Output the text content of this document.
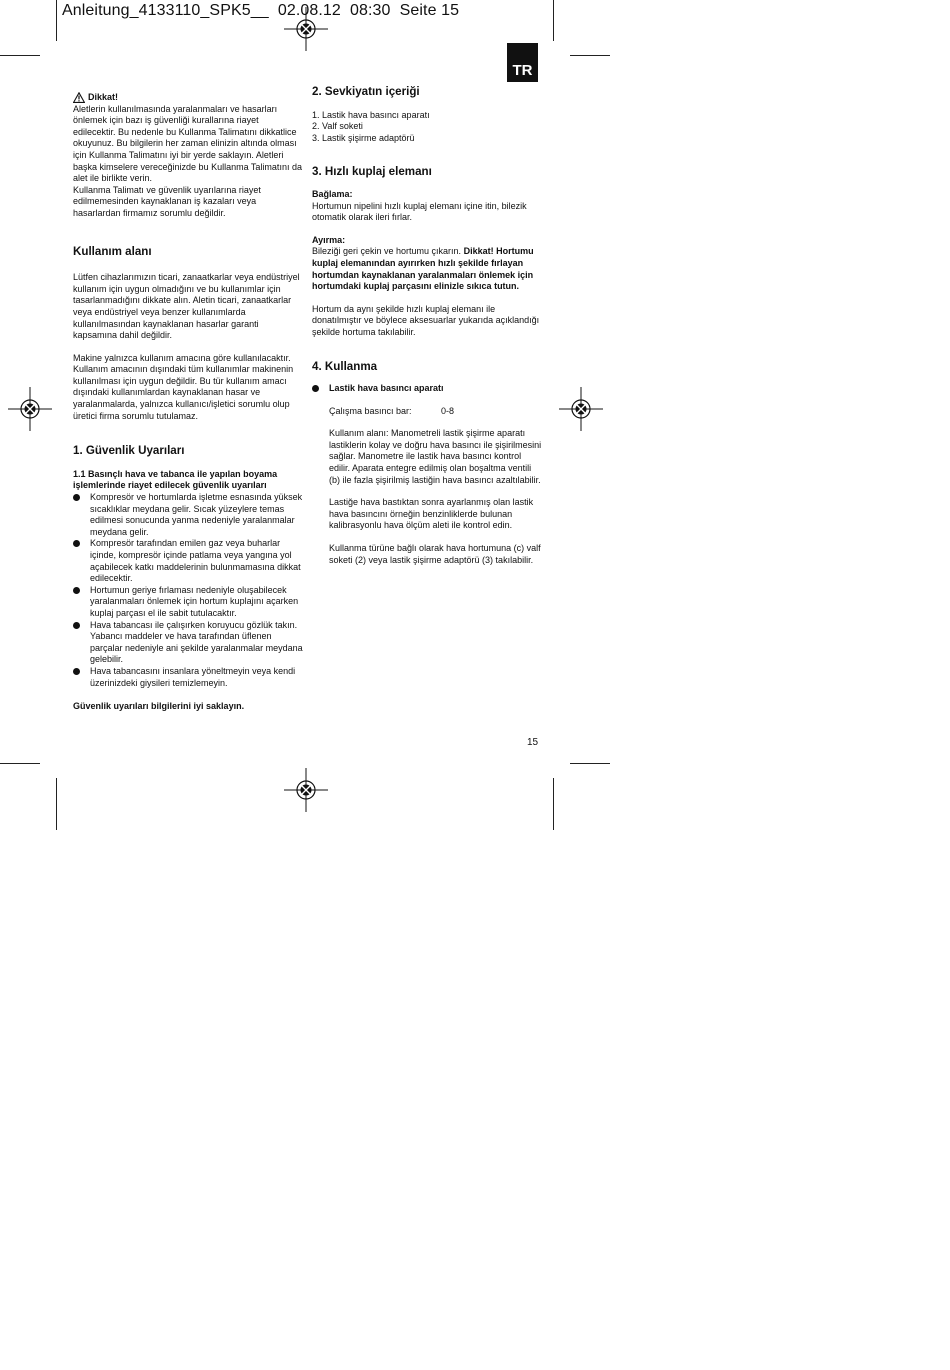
Anleitung_4133110_SPK5__  02.08.12  08:30  Seite 15
TR
Dikkat!

Aletlerin kullanılmasında yaralanmaları ve hasarları önlemek için bazı iş güvenliği kurallarına riayet edilecektir. Bu nedenle bu Kullanma Talimatını dikkatlice okuyunuz. Bu bilgilerin her zaman elinizin altında olması için Kullanma Talimatını iyi bir yerde saklayın. Aletleri başka kimselere vereceğinizde bu Kullanma Talimatını da alet ile birlikte verin.

Kullanma Talimatı ve güvenlik uyarılarına riayet edilmemesinden kaynaklanan iş kazaları veya hasarlardan firmamız sorumlu değildir.

Kullanım alanı

Lütfen cihazlarımızın ticari, zanaatkarlar veya endüstriyel kullanım için uygun olmadığını ve bu kullanımlar için tasarlanmadığını dikkate alın. Aletin ticari, zanaatkarlar veya endüstriyel veya benzer kullanımlarda kullanılmasından kaynaklanan hasarlar garanti kapsamına dahil değildir.

Makine yalnızca kullanım amacına göre kullanılacaktır. Kullanım amacının dışındaki tüm kullanımlar makinenin kullanılması için uygun değildir. Bu tür kullanım amacı dışındaki kullanımlardan kaynaklanan hasar ve yaralanmalarda, yalnızca kullanıcı/işletici sorumlu olup üretici firma sorumlu tutulamaz.

1. Güvenlik Uyarıları

1.1 Basınçlı hava ve tabanca ile yapılan boyama işlemlerinde riayet edilecek güvenlik uyarıları

Kompresör ve hortumlarda işletme esnasında yüksek sıcaklıklar meydana gelir. Sıcak yüzeylere temas edilmesi sonucunda yanma nedeniyle yaralanmalar meydana gelir.
Kompresör tarafından emilen gaz veya buharlar içinde, kompresör içinde patlama veya yangına yol açabilecek katkı maddelerinin bulunmamasına dikkat edilecektir.
Hortumun geriye fırlaması nedeniyle oluşabilecek yaralanmaları önlemek için hortum kuplajını açarken kuplaj parçası el ile sabit tutulacaktır.
Hava tabancası ile çalışırken koruyucu gözlük takın. Yabancı maddeler ve hava tarafından üflenen parçalar nedeniyle ani şekilde yaralanmalar meydana gelebilir.
Hava tabancasını insanlara yöneltmeyin veya kendi üzerinizdeki giysileri temizlemeyin.

Güvenlik uyarıları bilgilerini iyi saklayın.

2. Sevkiyatın içeriği
1. Lastik hava basıncı aparatı
2. Valf soketi
3. Lastik şişirme adaptörü
3. Hızlı kuplaj elemanı

Bağlama:

Hortumun nipelini hızlı kuplaj elemanı içine itin, bilezik otomatik olarak ileri fırlar.

Ayırma:

Bileziği geri çekin ve hortumu çıkarın. Dikkat! Hortumu kuplaj elemanından ayırırken hızlı şekilde fırlayan hortumdan kaynaklanan yaralanmaları önlemek için hortumdaki kuplaj parçasını elinizle sıkıca tutun.

Hortum da aynı şekilde hızlı kuplaj elemanı ile donatılmıştır ve böylece aksesuarlar yukarıda açıklandığı şekilde hortuma takılabilir.

4. Kullanma
Lastik hava basıncı aparatı
Çalışma basıncı bar:	0-8

Kullanım alanı: Manometreli lastik şişirme aparatı lastiklerin kolay ve doğru hava basıncı ile şişirilmesini sağlar. Manometre ile lastik hava basıncı kontrol edilir. Aparata entegre edilmiş olan boşaltma ventili (b) ile fazla şişirilmiş lastiğin hava basıncı azaltılabilir.

Lastiğe hava bastıktan sonra ayarlanmış olan lastik hava basıncını örneğin benzinliklerde bulunan kalibrasyonlu hava ölçüm aleti ile kontrol edin.

Kullanma türüne bağlı olarak hava hortumuna (c) valf soketi (2) veya lastik şişirme adaptörü (3) takılabilir.

15
